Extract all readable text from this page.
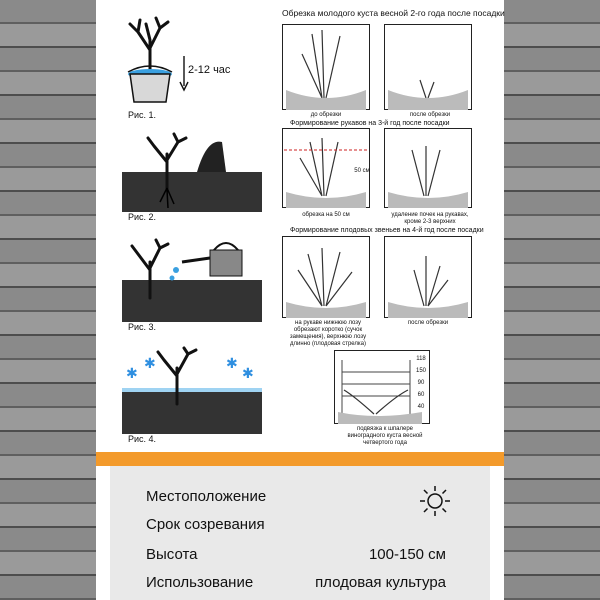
2-12 час
Рис. 1.
Рис. 2.
Рис. 3.
✱
✱	✱
✱
Рис. 4.
Обрезка молодого куста весной 2-го года после посадки
до обрезки	после обрезки
Формирование рукавов на 3-й год после посадки
50 см
обрезка на 50 см	удаление почек на рукавах, кроме 2-3 верхних
Формирование плодовых звеньев на 4-й год после посадки
на рукаве нижнюю лозу обрезают коротко (сучок замещения), верхнюю лозу длинно (плодовая стрелка)
после обрезки
118
150
90
60
40
подвязка к шпалере виноградного куста весной четвертого года
Местоположение
Срок созревания
Высота	100-150 см
Использование	плодовая культура
